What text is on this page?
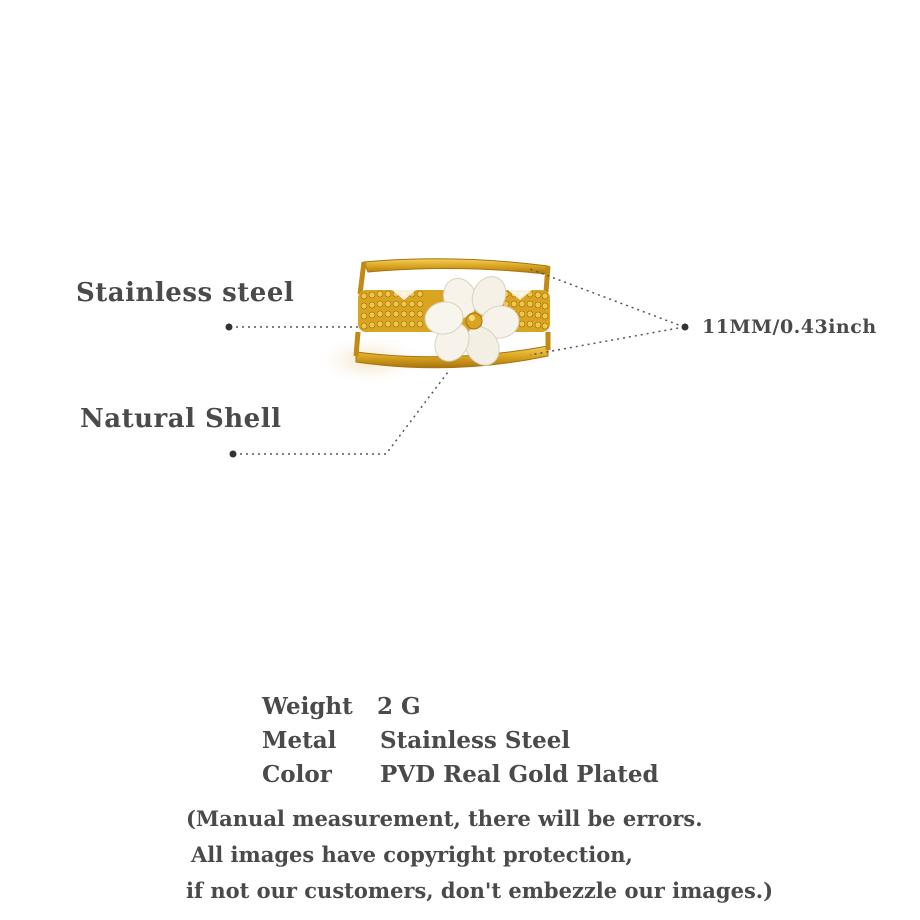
Stainless steel
Natural Shell
11MM/0.43inch
Weight	2 G
Metal	Stainless Steel
Color	PVD Real Gold Plated
(Manual measurement, there will be errors.
All images have copyright protection,
if not our customers, don't embezzle our images.)
